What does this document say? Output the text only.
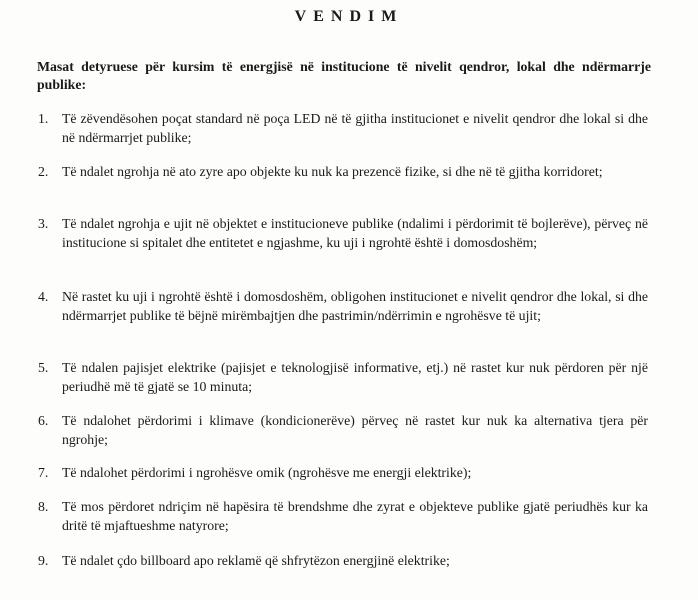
VENDIM
Masat detyruese për kursim të energjisë në institucione të nivelit qendror, lokal dhe ndërmarrje publike:
1. Të zëvendësohen poçat standard në poça LED në të gjitha institucionet e nivelit qendror dhe lokal si dhe në ndërmarrjet publike;
2. Të ndalet ngrohja në ato zyre apo objekte ku nuk ka prezencë fizike, si dhe në të gjitha korridoret;
3. Të ndalet ngrohja e ujit në objektet e institucioneve publike (ndalimi i përdorimit të bojlerëve), përveç në institucione si spitalet dhe entitetet e ngjashme, ku uji i ngrohtë është i domosdoshëm;
4. Në rastet ku uji i ngrohtë është i domosdoshëm, obligohen institucionet e nivelit qendror dhe lokal, si dhe ndërmarrjet publike të bëjnë mirëmbajtjen dhe pastrimin/ndërrimin e ngrohësve të ujit;
5. Të ndalen pajisjet elektrike (pajisjet e teknologjisë informative, etj.) në rastet kur nuk përdoren për një periudhë më të gjatë se 10 minuta;
6. Të ndalohet përdorimi i klimave (kondicionerëve) përveç në rastet kur nuk ka alternativa tjera për ngrohje;
7. Të ndalohet përdorimi i ngrohësve omik (ngrohësve me energji elektrike);
8. Të mos përdoret ndriçim në hapësira të brendshme dhe zyrat e objekteve publike gjatë periudhës kur ka dritë të mjaftueshme natyrore;
9. Të ndalet çdo billboard apo reklamë që shfrytëzon energjinë elektrike;
